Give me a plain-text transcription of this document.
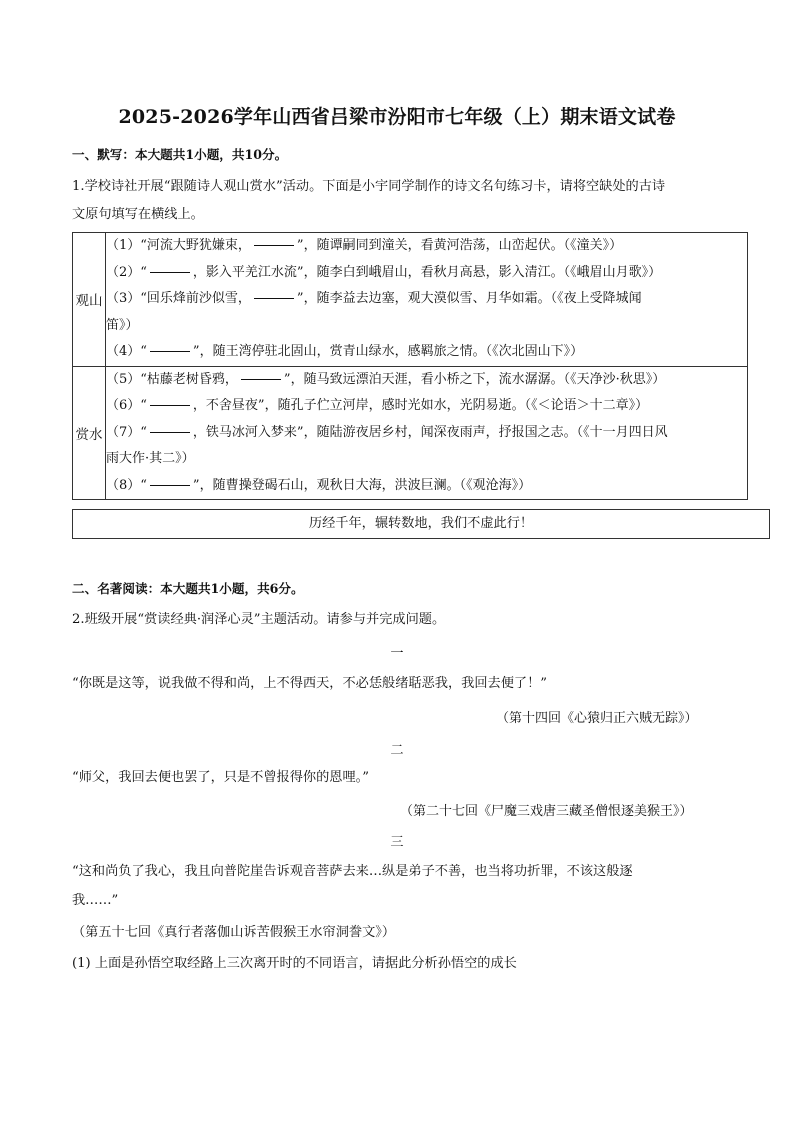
2025-2026学年山西省吕梁市汾阳市七年级（上）期末语文试卷
一、默写：本大题共1小题，共10分。
1.学校诗社开展“跟随诗人观山赏水”活动。下面是小宇同学制作的诗文名句练习卡，请将空缺处的古诗
文原句填写在横线上。
观山	（1）“河流大野犹嫌束， ”，随谭嗣同到潼关，看黄河浩荡，山峦起伏。（《潼关》）
（2）“ ，影入平羌江水流”，随李白到峨眉山，看秋月高悬，影入清江。（《峨眉山月歌》）
（3）“回乐烽前沙似雪， ”，随李益去边塞，观大漠似雪、月华如霜。（《夜上受降城闻
笛》）
（4）“ ”，随王湾停驻北固山，赏青山绿水，感羁旅之情。（《次北固山下》）

赏水	（5）“枯藤老树昏鸦， ”，随马致远漂泊天涯，看小桥之下，流水潺潺。（《天净沙·秋思》）
（6）“ ，不舍昼夜”，随孔子伫立河岸，感时光如水，光阴易逝。（《＜论语＞十二章》）
（7）“ ，铁马冰河入梦来”，随陆游夜居乡村，闻深夜雨声，抒报国之志。（《十一月四日风
雨大作·其二》）
（8）“ ”，随曹操登碣石山，观秋日大海，洪波巨澜。（《观沧海》）
历经千年，辗转数地，我们不虚此行！
二、名著阅读：本大题共1小题，共6分。
2.班级开展“赏读经典·润泽心灵”主题活动。请参与并完成问题。
一
“你既是这等，说我做不得和尚，上不得西天，不必恁般绪聒恶我，我回去便了！”
（第十四回《心猿归正六贼无踪》）
二
“师父，我回去便也罢了，只是不曾报得你的恩哩。”
（第二十七回《尸魔三戏唐三藏圣僧恨逐美猴王》）
三
“这和尚负了我心，我且向普陀崖告诉观音菩萨去来…纵是弟子不善，也当将功折罪，不该这般逐
我……”
（第五十七回《真行者落伽山诉苦假猴王水帘洞誊文》）
(1) 上面是孙悟空取经路上三次离开时的不同语言，请据此分析孙悟空的成长
